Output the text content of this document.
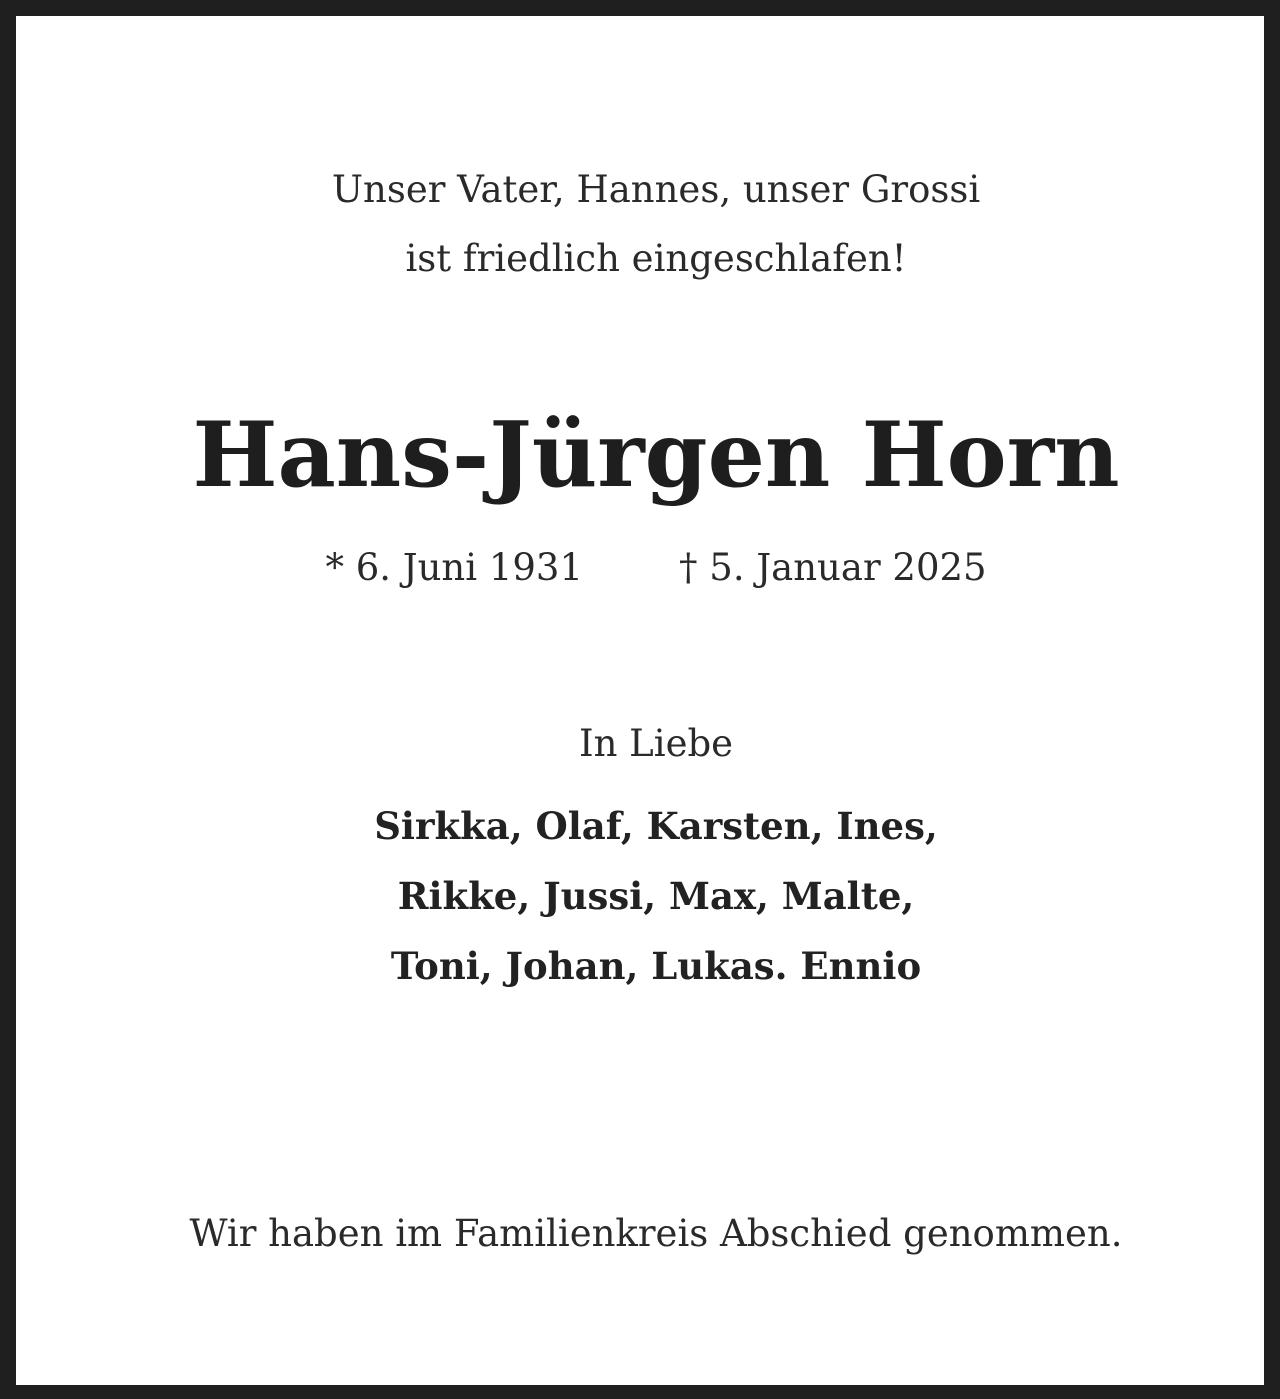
Unser Vater, Hannes, unser Grossi
ist friedlich eingeschlafen!
Hans-Jürgen Horn
* 6. Juni 1931	† 5. Januar 2025
In Liebe
Sirkka, Olaf, Karsten, Ines,
Rikke, Jussi, Max, Malte,
Toni, Johan, Lukas. Ennio
Wir haben im Familienkreis Abschied genommen.
